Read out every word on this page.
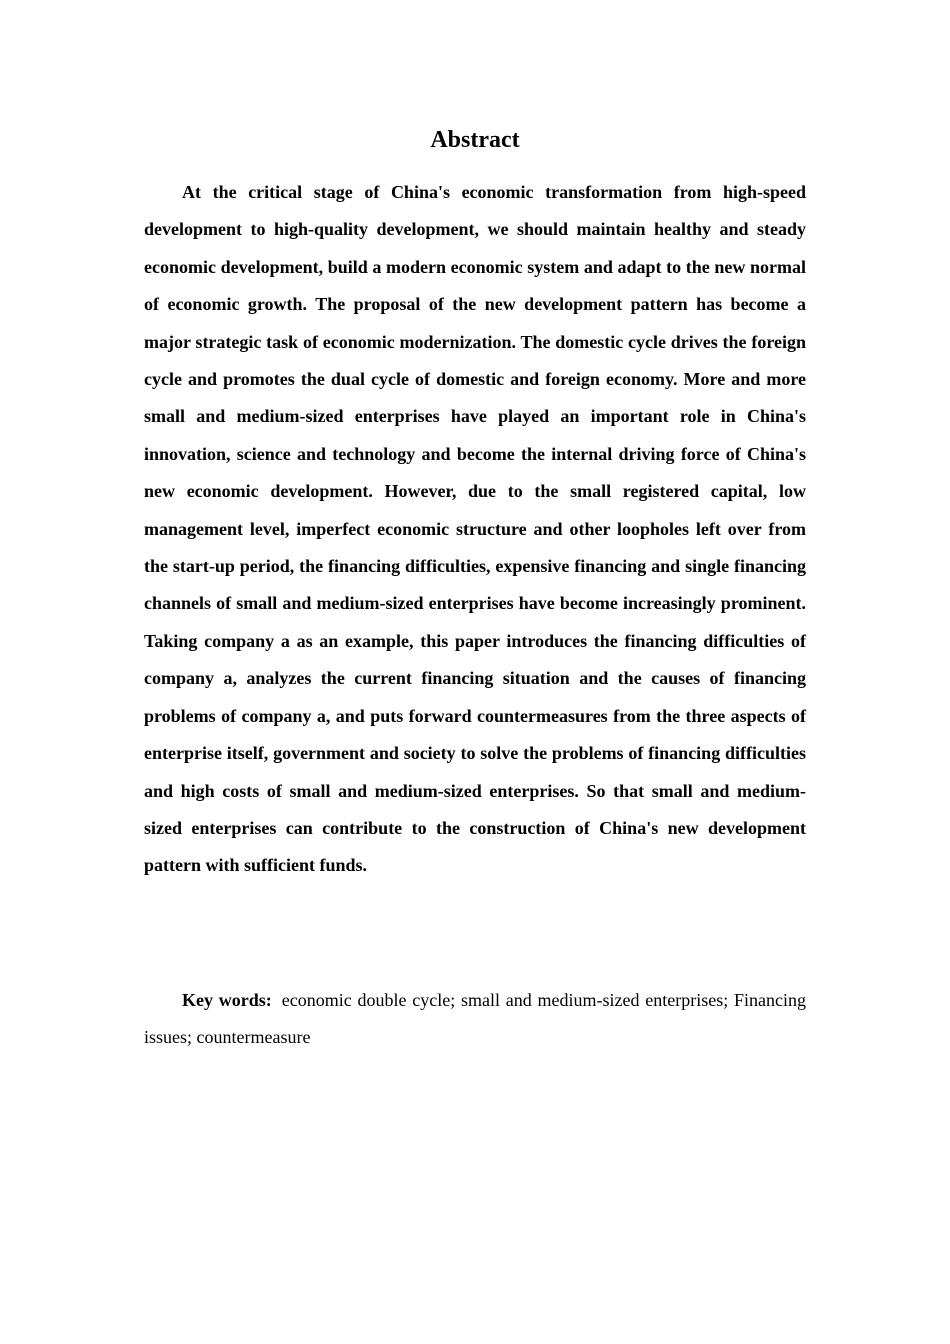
Abstract

At the critical stage of China's economic transformation from high-speed development to high-quality development, we should maintain healthy and steady economic development, build a modern economic system and adapt to the new normal of economic growth. The proposal of the new development pattern has become a major strategic task of economic modernization. The domestic cycle drives the foreign cycle and promotes the dual cycle of domestic and foreign economy. More and more small and medium-sized enterprises have played an important role in China's innovation, science and technology and become the internal driving force of China's new economic development. However, due to the small registered capital, low management level, imperfect economic structure and other loopholes left over from the start-up period, the financing difficulties, expensive financing and single financing channels of small and medium-sized enterprises have become increasingly prominent. Taking company a as an example, this paper introduces the financing difficulties of company a, analyzes the current financing situation and the causes of financing problems of company a, and puts forward countermeasures from the three aspects of enterprise itself, government and society to solve the problems of financing difficulties and high costs of small and medium-sized enterprises. So that small and medium-sized enterprises can contribute to the construction of China's new development pattern with sufficient funds.

Key words: economic double cycle; small and medium-sized enterprises; Financing issues; countermeasure
